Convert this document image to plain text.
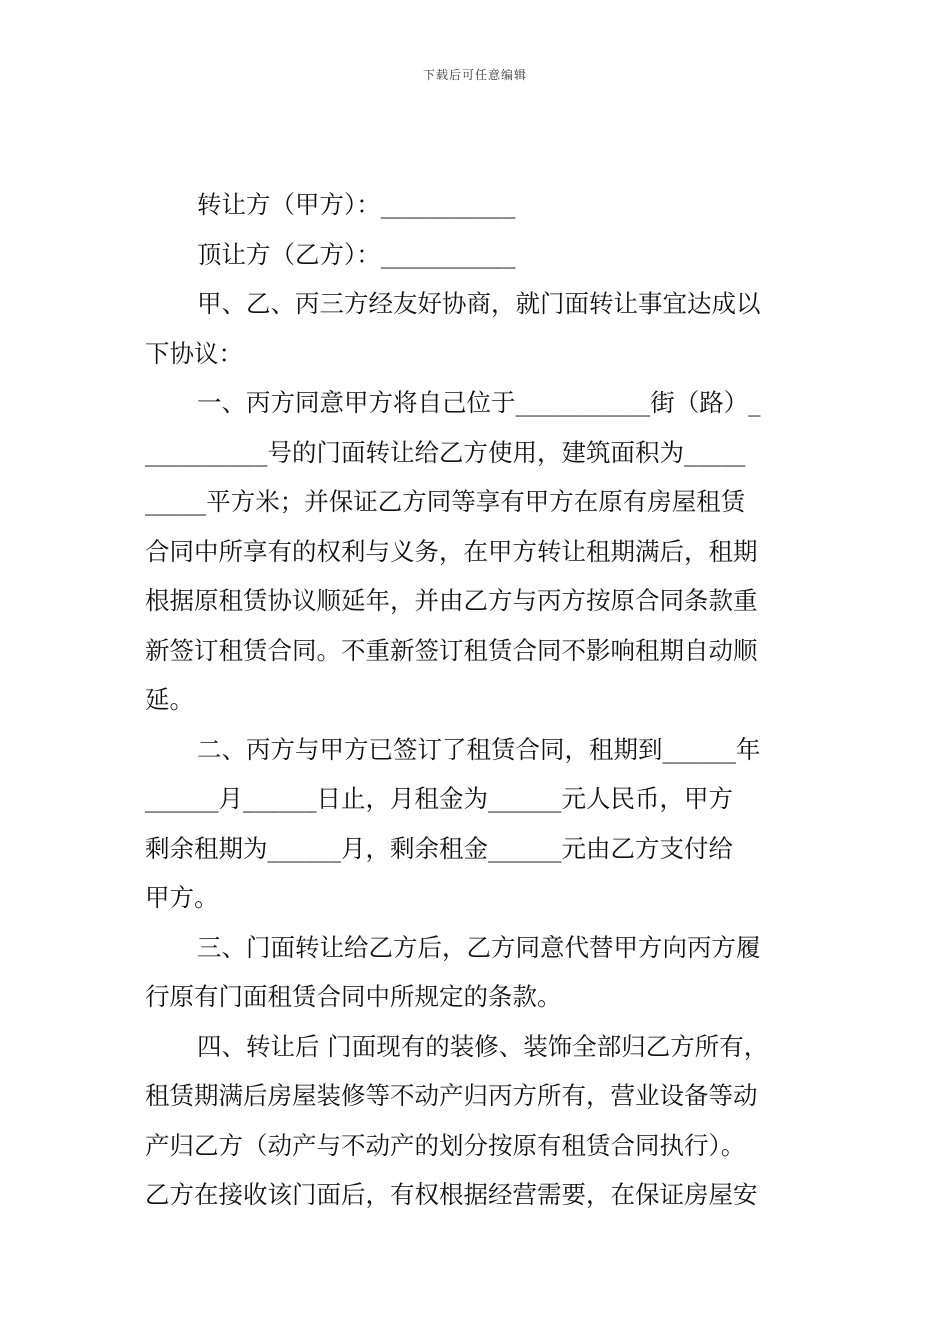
下载后可任意编辑
转让方（甲方）：___________
顶让方（乙方）：___________
甲、乙、丙三方经友好协商，就门面转让事宜达成以
下协议：
一、丙方同意甲方将自己位于___________街（路）_
__________号的门面转让给乙方使用，建筑面积为_____
_____平方米；并保证乙方同等享有甲方在原有房屋租赁
合同中所享有的权利与义务，在甲方转让租期满后，租期
根据原租赁协议顺延年，并由乙方与丙方按原合同条款重
新签订租赁合同。不重新签订租赁合同不影响租期自动顺
延。
二、丙方与甲方已签订了租赁合同，租期到______年
______月______日止，月租金为______元人民币，甲方
剩余租期为______月，剩余租金______元由乙方支付给
甲方。
三、门面转让给乙方后，乙方同意代替甲方向丙方履
行原有门面租赁合同中所规定的条款。
四、转让后 门面现有的装修、装饰全部归乙方所有，
租赁期满后房屋装修等不动产归丙方所有，营业设备等动
产归乙方（动产与不动产的划分按原有租赁合同执行）。
乙方在接收该门面后，有权根据经营需要，在保证房屋安
